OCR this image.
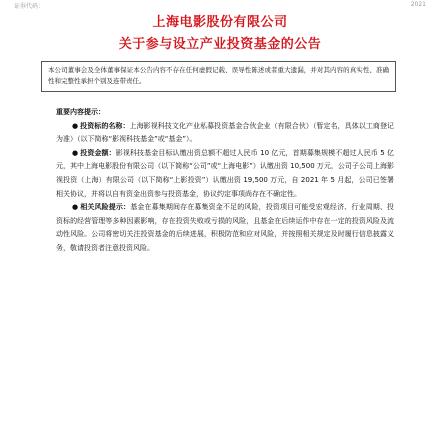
证券代码：	2021
上海电影股份有限公司
关于参与设立产业投资基金的公告
本公司董事会及全体董事保证本公告内容不存在任何虚假记载、误导性陈述或者重大遗漏，并对其内容的真实性、准确性和完整性承担个别及连带责任。

重要内容提示：

● 投资标的名称：上海影视科技文化产业私募投资基金合伙企业（有限合伙）（暂定名，具体以工商登记为准）（以下简称“影视科技基金”或“基金”）。

● 投资金额：影视科技基金目标认缴出资总额不超过人民币 10 亿元，首期募集规模不超过人民币 5 亿元，其中上海电影股份有限公司（以下简称“公司”或“上海电影”）认缴出资 10,500 万元，公司子公司上海影视投资（上海）有限公司（以下简称“上影投资”）认缴出资 19,500 万元，自 2021 年 5 月起，公司已签署相关协议，并将以自有资金出资参与投资基金，协议约定事项尚存在不确定性。

● 相关风险提示：基金在募集期间存在募集资金不足的风险，投资项目可能受宏观经济、行业周期、投资标的经营管理等多种因素影响，存在投资失败或亏损的风险，且基金在后续运作中存在一定的投资风险及流动性风险。公司将密切关注投资基金的后续进展，积极防范和应对风险，并按照相关规定及时履行信息披露义务，敬请投资者注意投资风险。
